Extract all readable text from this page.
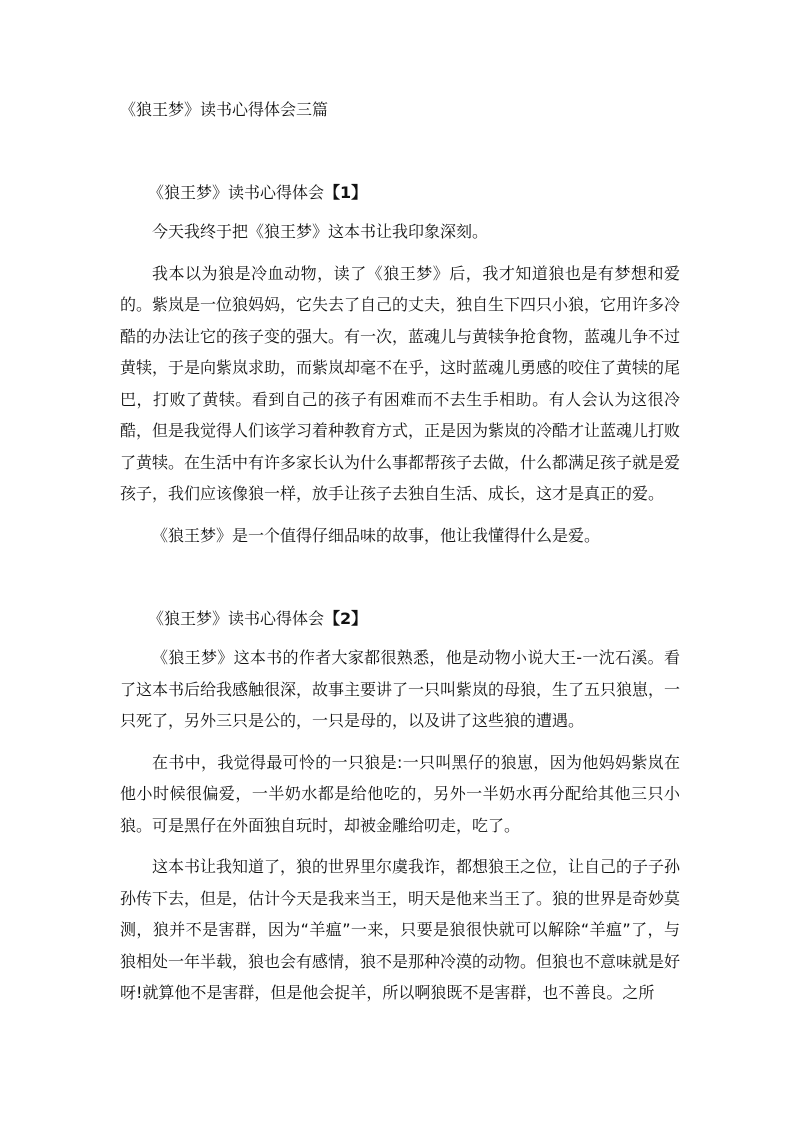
《狼王梦》读书心得体会三篇
《狼王梦》读书心得体会【1】

今天我终于把《狼王梦》这本书让我印象深刻。

我本以为狼是冷血动物，读了《狼王梦》后，我才知道狼也是有梦想和爱的。紫岚是一位狼妈妈，它失去了自己的丈夫，独自生下四只小狼，它用许多冷酷的办法让它的孩子变的强大。有一次，蓝魂儿与黄犊争抢食物，蓝魂儿争不过黄犊，于是向紫岚求助，而紫岚却毫不在乎，这时蓝魂儿勇感的咬住了黄犊的尾巴，打败了黄犊。看到自己的孩子有困难而不去生手相助。有人会认为这很冷酷，但是我觉得人们该学习着种教育方式，正是因为紫岚的冷酷才让蓝魂儿打败了黄犊。在生活中有许多家长认为什么事都帮孩子去做，什么都满足孩子就是爱孩子，我们应该像狼一样，放手让孩子去独自生活、成长，这才是真正的爱。

《狼王梦》是一个值得仔细品味的故事，他让我懂得什么是爱。

《狼王梦》读书心得体会【2】

《狼王梦》这本书的作者大家都很熟悉，他是动物小说大王-一沈石溪。看了这本书后给我感触很深，故事主要讲了一只叫紫岚的母狼，生了五只狼崽，一只死了，另外三只是公的，一只是母的，以及讲了这些狼的遭遇。

在书中，我觉得最可怜的一只狼是:一只叫黑仔的狼崽，因为他妈妈紫岚在他小时候很偏爱，一半奶水都是给他吃的，另外一半奶水再分配给其他三只小狼。可是黑仔在外面独自玩时，却被金雕给叨走，吃了。

这本书让我知道了，狼的世界里尔虞我诈，都想狼王之位，让自己的子子孙孙传下去，但是，估计今天是我来当王，明天是他来当王了。狼的世界是奇妙莫测，狼并不是害群，因为“羊瘟”一来，只要是狼很快就可以解除“羊瘟”了，与狼相处一年半载，狼也会有感情，狼不是那种冷漠的动物。但狼也不意味就是好呀!就算他不是害群，但是他会捉羊，所以啊狼既不是害群，也不善良。之所
